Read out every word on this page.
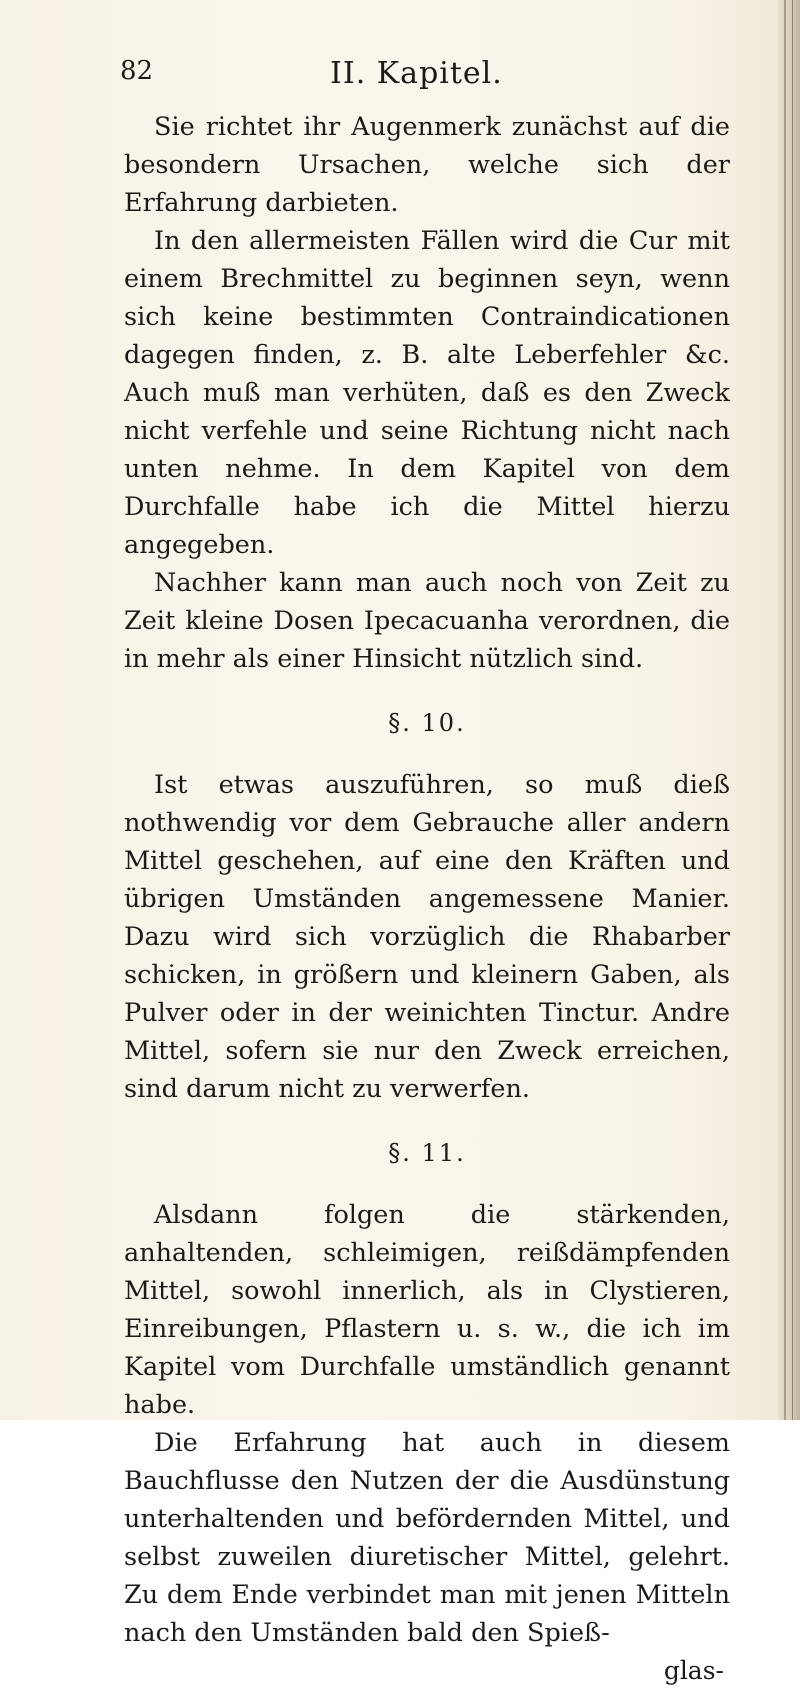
82	II. Kapitel.

Sie richtet ihr Augenmerk zunächst auf die besondern Ursachen, welche sich der Erfahrung darbieten.

In den allermeisten Fällen wird die Cur mit einem Brechmittel zu beginnen seyn, wenn sich keine bestimmten Contraindicationen dagegen finden, z. B. alte Leberfehler &c. Auch muß man verhüten, daß es den Zweck nicht verfehle und seine Richtung nicht nach unten nehme. In dem Kapitel von dem Durchfalle habe ich die Mittel hierzu angegeben.

Nachher kann man auch noch von Zeit zu Zeit kleine Dosen Ipecacuanha verordnen, die in mehr als einer Hinsicht nützlich sind.

§. 10.

Ist etwas auszuführen, so muß dieß nothwendig vor dem Gebrauche aller andern Mittel geschehen, auf eine den Kräften und übrigen Umständen angemessene Manier. Dazu wird sich vorzüglich die Rhabarber schicken, in größern und kleinern Gaben, als Pulver oder in der weinichten Tinctur. Andre Mittel, sofern sie nur den Zweck erreichen, sind darum nicht zu verwerfen.

§. 11.

Alsdann folgen die stärkenden, anhaltenden, schleimigen, reißdämpfenden Mittel, sowohl innerlich, als in Clystieren, Einreibungen, Pflastern u. s. w., die ich im Kapitel vom Durchfalle umständlich genannt habe.

Die Erfahrung hat auch in diesem Bauchflusse den Nutzen der die Ausdünstung unterhaltenden und befördernden Mittel, und selbst zuweilen diuretischer Mittel, gelehrt. Zu dem Ende verbindet man mit jenen Mitteln nach den Umständen bald den Spieß-

glas-
